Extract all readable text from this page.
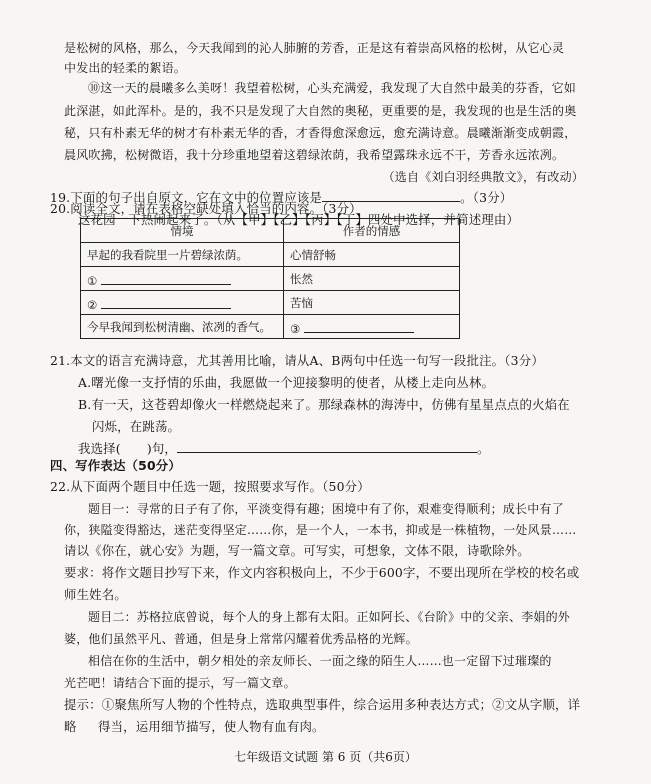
是松树的风格，那么，今天我闻到的沁人肺腑的芳香，正是这有着崇高风格的松树，从它心灵
中发出的轻柔的絮语。
⑩这一天的晨曦多么美呀！我望着松树，心头充满爱，我发现了大自然中最美的芬香，它如
此深湛，如此浑朴。是的，我不只是发现了大自然的奥秘，更重要的是，我发现的也是生活的奥
秘，只有朴素无华的树才有朴素无华的香，才香得愈深愈远，愈充满诗意。晨曦渐渐变成朝霞，
晨风吹拂，松树微语，我十分珍重地望着这碧绿浓荫，我希望露珠永远不干，芳香永远浓冽。
（选自《刘白羽经典散文》，有改动）
19.下面的句子出自原文，它在文中的位置应该是	。（3分）
这花园一下热闹起来了。（从【甲】【乙】【丙】【丁】四处中选择，并简述理由）
20.阅读全文，请在表格空缺处填入恰当的内容。（3分）
情境	作者的情感
早起的我看院里一片碧绿浓荫。	心情舒畅
①	怅然
②	苦恼
今早我闻到松树清幽、浓冽的香气。	③
21.本文的语言充满诗意，尤其善用比喻，请从A、B两句中任选一句写一段批注。（3分）
A.曙光像一支抒情的乐曲，我愿做一个迎接黎明的使者，从楼上走向丛林。
B.有一天，这苍碧却像火一样燃烧起来了。那绿森林的海涛中，仿佛有星星点点的火焰在
闪烁，在跳荡。
我选择( )句，	。
四、写作表达（50分）
22.从下面两个题目中任选一题，按照要求写作。（50分）
题目一：寻常的日子有了你，平淡变得有趣；困境中有了你，艰难变得顺利；成长中有了
你，狭隘变得豁达，迷茫变得坚定……你，是一个人，一本书，抑或是一株植物，一处风景……
请以《你在，就心安》为题，写一篇文章。可写实，可想象，文体不限，诗歌除外。
要求：将作文题目抄写下来，作文内容积极向上，不少于600字，不要出现所在学校的校名或
师生姓名。
题目二：苏格拉底曾说，每个人的身上都有太阳。正如阿长、《台阶》中的父亲、李娟的外
婆，他们虽然平凡、普通，但是身上常常闪耀着优秀品格的光辉。
相信在你的生活中，朝夕相处的亲友师长、一面之缘的陌生人……也一定留下过璀璨的
光芒吧！请结合下面的提示，写一篇文章。
提示：①聚焦所写人物的个性特点，选取典型事件，综合运用多种表达方式；②文从字顺，详略	得当，运用细节描写，使人物有血有肉。
七年级语文试题 第 6 页（共6页）
